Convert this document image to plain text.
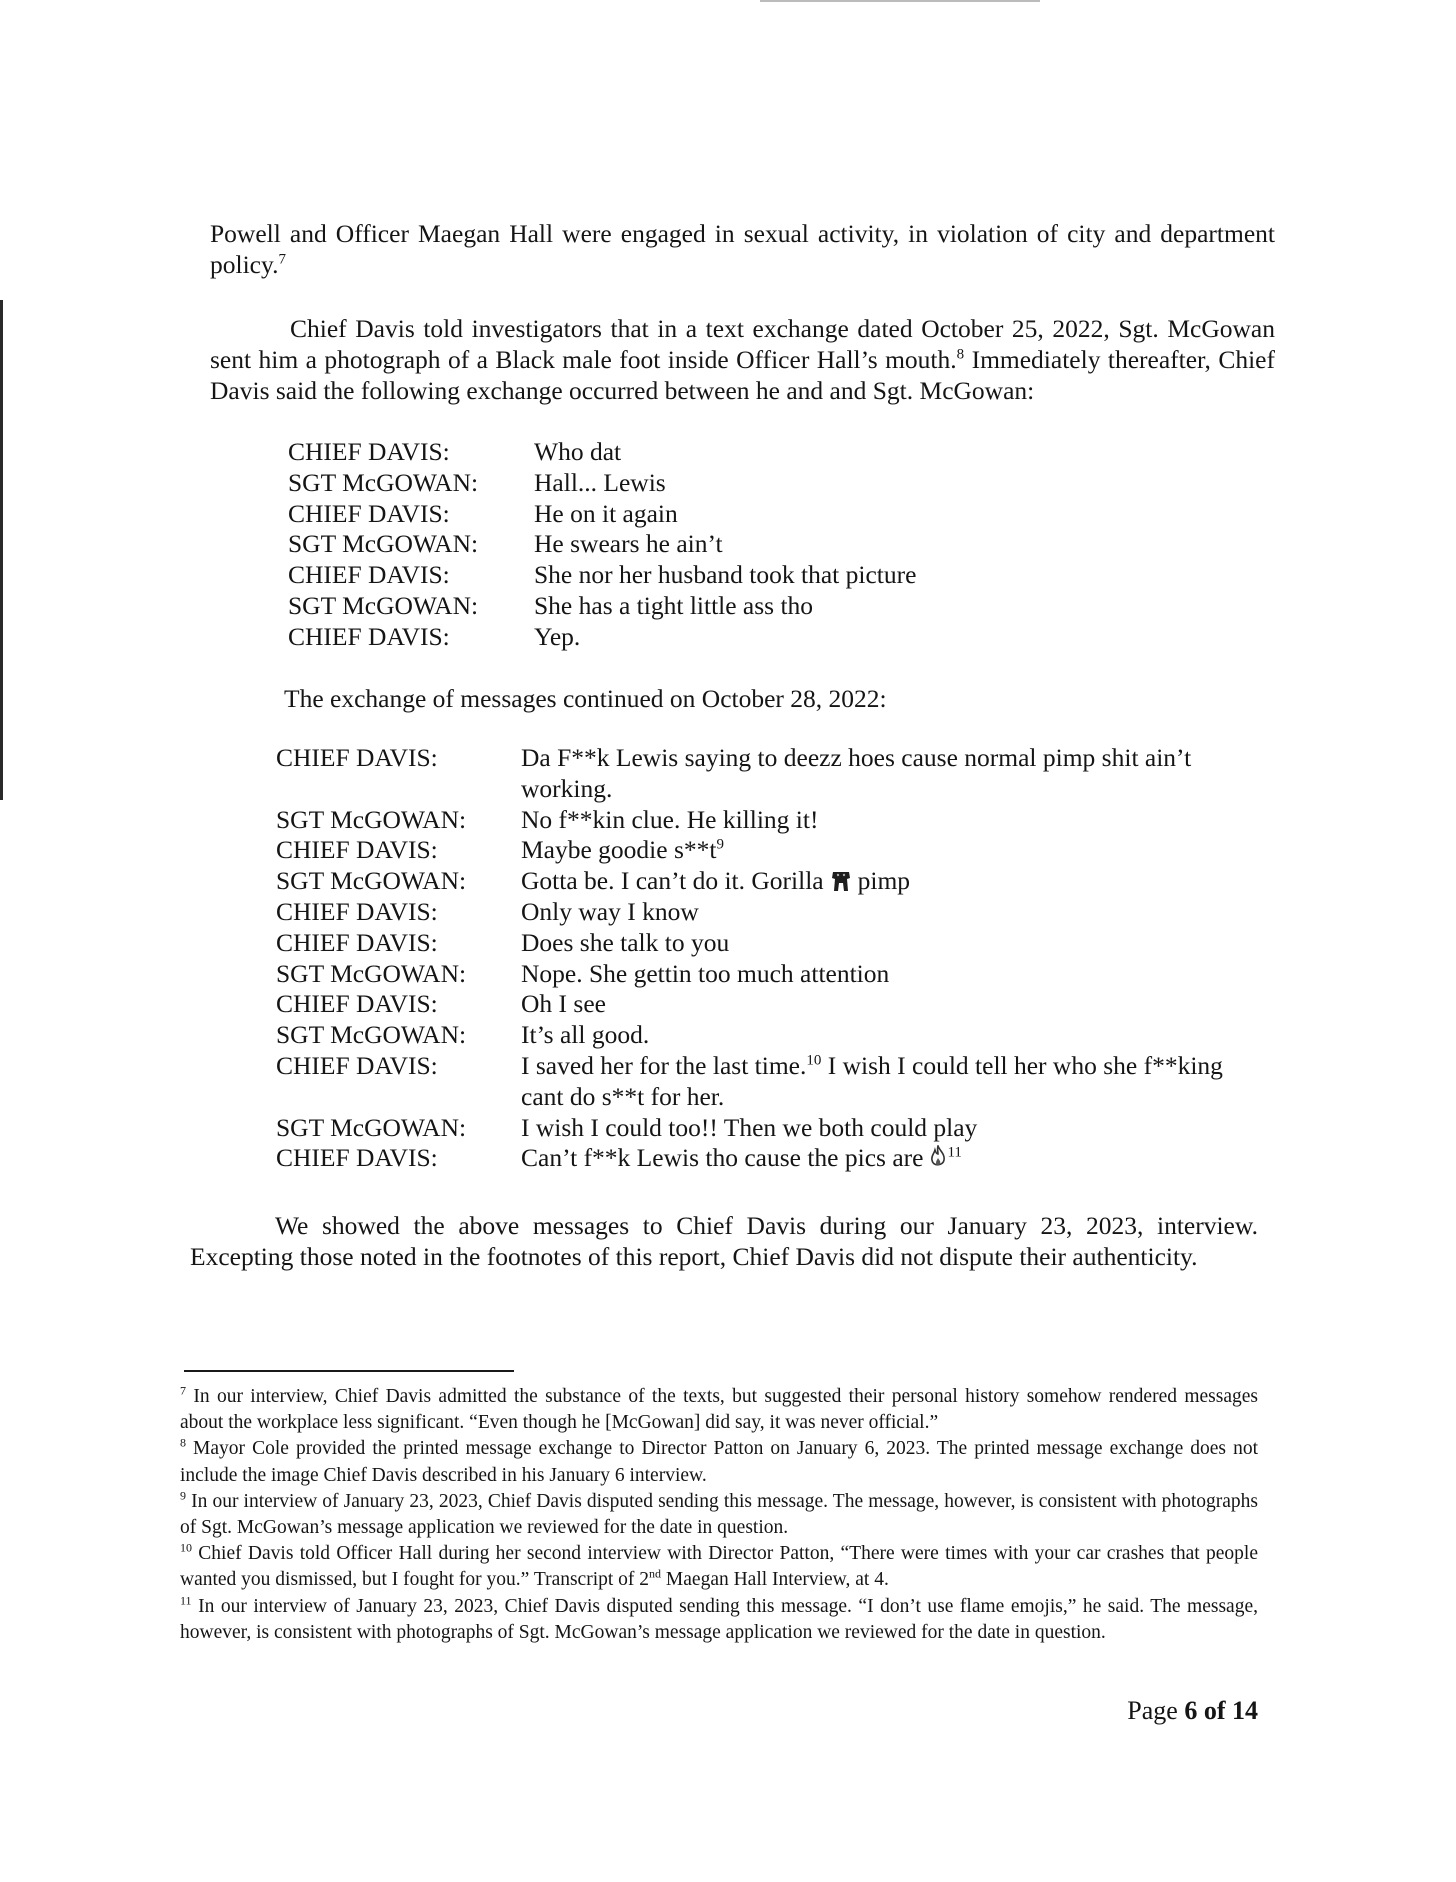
Powell and Officer Maegan Hall were engaged in sexual activity, in violation of city and department policy.$^7$

Chief Davis told investigators that in a text exchange dated October 25, 2022, Sgt. McGowan sent him a photograph of a Black male foot inside Officer Hall’s mouth.$^8$ Immediately thereafter, Chief Davis said the following exchange occurred between he and and Sgt. McGowan:

CHIEF DAVIS:	Who dat
SGT McGOWAN:	Hall... Lewis
CHIEF DAVIS:	He on it again
SGT McGOWAN:	He swears he ain’t
CHIEF DAVIS:	She nor her husband took that picture
SGT McGOWAN:	She has a tight little ass tho
CHIEF DAVIS:	Yep.

The exchange of messages continued on October 28, 2022:

CHIEF DAVIS:	Da F**k Lewis saying to deezz hoes cause normal pimp shit ain’t working.
SGT McGOWAN:	No f**kin clue. He killing it!
CHIEF DAVIS:	Maybe goodie $s**t^9$
SGT McGOWAN:	Gotta be. I can’t do it. Gorilla pimp
CHIEF DAVIS:	Only way I know
CHIEF DAVIS:	Does she talk to you
SGT McGOWAN:	Nope. She gettin too much attention
CHIEF DAVIS:	Oh I see
SGT McGOWAN:	It’s all good.
CHIEF DAVIS:	I saved her for the last time.$^{10}$ I wish I could tell her who she f**king cant do s**t for her.
SGT McGOWAN:	I wish I could too!! Then we both could play
CHIEF DAVIS:	Can’t f**k Lewis tho cause the pics are $^{11}$

We showed the above messages to Chief Davis during our January 23, 2023, interview. Excepting those noted in the footnotes of this report, Chief Davis did not dispute their authenticity.

$^7$ In our interview, Chief Davis admitted the substance of the texts, but suggested their personal history somehow rendered messages about the workplace less significant. “Even though he [McGowan] did say, it was never official.”

$^8$ Mayor Cole provided the printed message exchange to Director Patton on January 6, 2023. The printed message exchange does not include the image Chief Davis described in his January 6 interview.

$^9$ In our interview of January 23, 2023, Chief Davis disputed sending this message. The message, however, is consistent with photographs of Sgt. McGowan’s message application we reviewed for the date in question.

$^{10}$ Chief Davis told Officer Hall during her second interview with Director Patton, “There were times with your car crashes that people wanted you dismissed, but I fought for you.” Transcript of 2nd Maegan Hall Interview, at 4.

$^{11}$ In our interview of January 23, 2023, Chief Davis disputed sending this message. “I don’t use flame emojis,” he said. The message, however, is consistent with photographs of Sgt. McGowan’s message application we reviewed for the date in question.

Page 6 of 14
